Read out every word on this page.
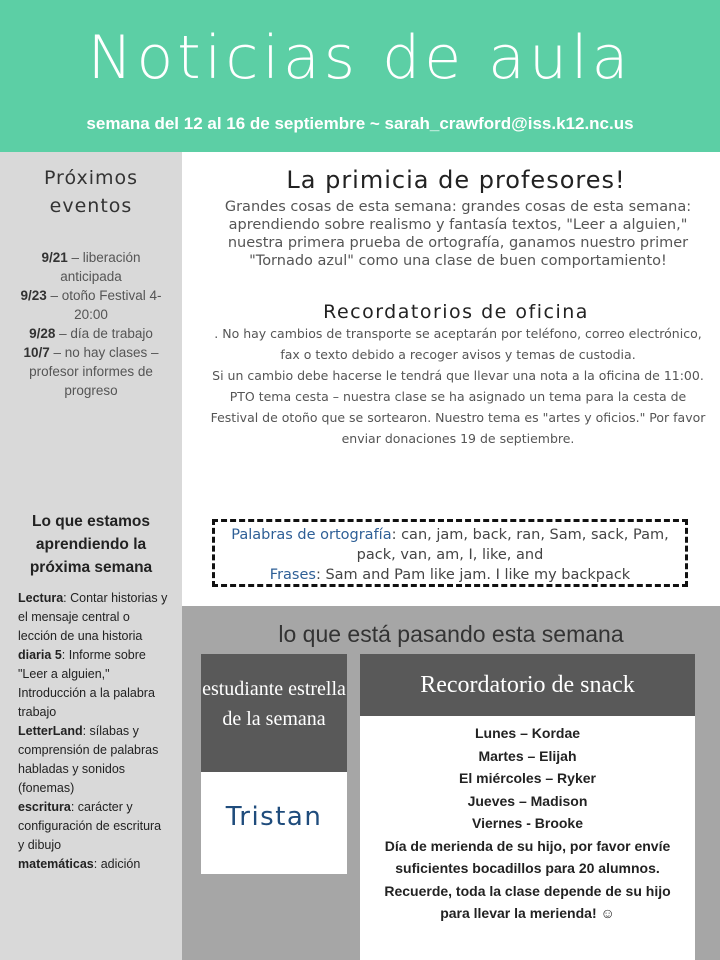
Noticias de aula
semana del 12 al 16 de septiembre ~ sarah_crawford@iss.k12.nc.us
Próximos
eventos
9/21 – liberación anticipada
9/23 – otoño Festival 4-20:00
9/28 – día de trabajo
10/7 – no hay clases – profesor informes de progreso
Lo que estamos aprendiendo la próxima semana
Lectura: Contar historias y el mensaje central o lección de una historia
diaria 5: Informe sobre "Leer a alguien," Introducción a la palabra trabajo
LetterLand: sílabas y comprensión de palabras habladas y sonidos (fonemas)
escritura: carácter y configuración de escritura y dibujo
matemáticas: adición
La primicia de profesores!
Grandes cosas de esta semana: grandes cosas de esta semana: aprendiendo sobre realismo y fantasía textos, "Leer a alguien," nuestra primera prueba de ortografía, ganamos nuestro primer "Tornado azul" como una clase de buen comportamiento!
Recordatorios de oficina
. No hay cambios de transporte se aceptarán por teléfono, correo electrónico, fax o texto debido a recoger avisos y temas de custodia.
Si un cambio debe hacerse le tendrá que llevar una nota a la oficina de 11:00.
PTO tema cesta – nuestra clase se ha asignado un tema para la cesta de Festival de otoño que se sortearon. Nuestro tema es "artes y oficios." Por favor enviar donaciones 19 de septiembre.
Palabras de ortografía: can, jam, back, ran, Sam, sack, Pam, pack, van, am, I, like, and
Frases: Sam and Pam like jam. I like my backpack
lo que está pasando esta semana
estudiante estrella de la semana
Tristan
Recordatorio de snack
Lunes – Kordae
Martes – Elijah
El miércoles – Ryker
Jueves – Madison
Viernes - Brooke
Día de merienda de su hijo, por favor envíe suficientes bocadillos para 20 alumnos. Recuerde, toda la clase depende de su hijo para llevar la merienda! ☺
